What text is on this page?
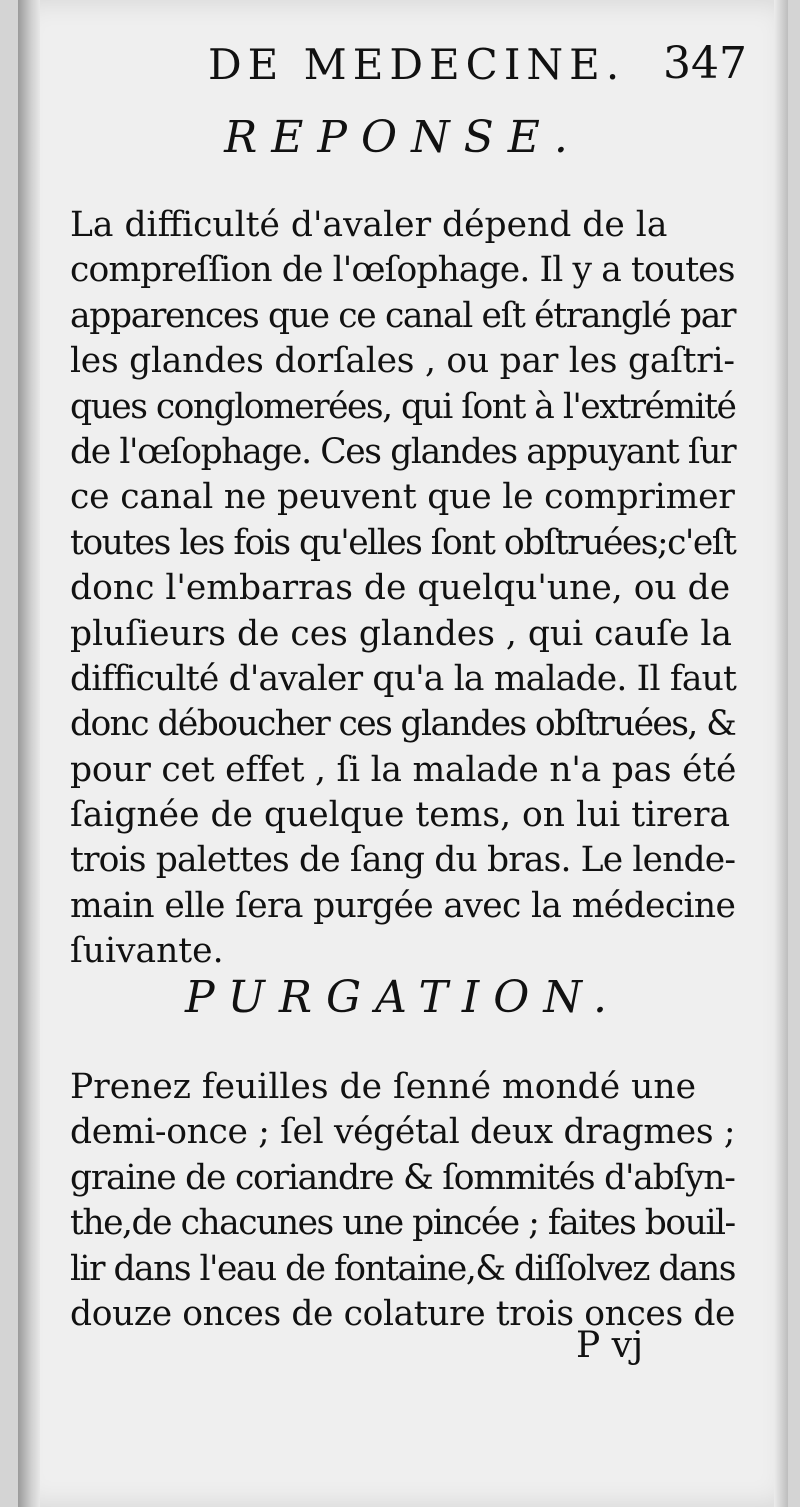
DE MEDECINE. 347
REPONSE.
La difficulté d'avaler dépend de la
compreſſion de l'œſophage. Il y a toutes
apparences que ce canal eſt étranglé par
les glandes dorſales , ou par les gaſtri-
ques conglomerées, qui ſont à l'extrémité
de l'œſophage. Ces glandes appuyant ſur
ce canal ne peuvent que le comprimer
toutes les fois qu'elles ſont obſtruées;c'eſt
donc l'embarras de quelqu'une, ou de
pluſieurs de ces glandes , qui cauſe la
difficulté d'avaler qu'a la malade. Il faut
donc déboucher ces glandes obſtruées, &
pour cet effet , ſi la malade n'a pas été
ſaignée de quelque tems, on lui tirera
trois palettes de ſang du bras. Le lende-
main elle ſera purgée avec la médecine
ſuivante.
PURGATION.
Prenez feuilles de ſenné mondé une
demi-once ; ſel végétal deux dragmes ;
graine de coriandre & ſommités d'abſyn-
the,de chacunes une pincée ; faites bouil-
lir dans l'eau de fontaine,& diſſolvez dans
douze onces de colature trois onces de
P vj
